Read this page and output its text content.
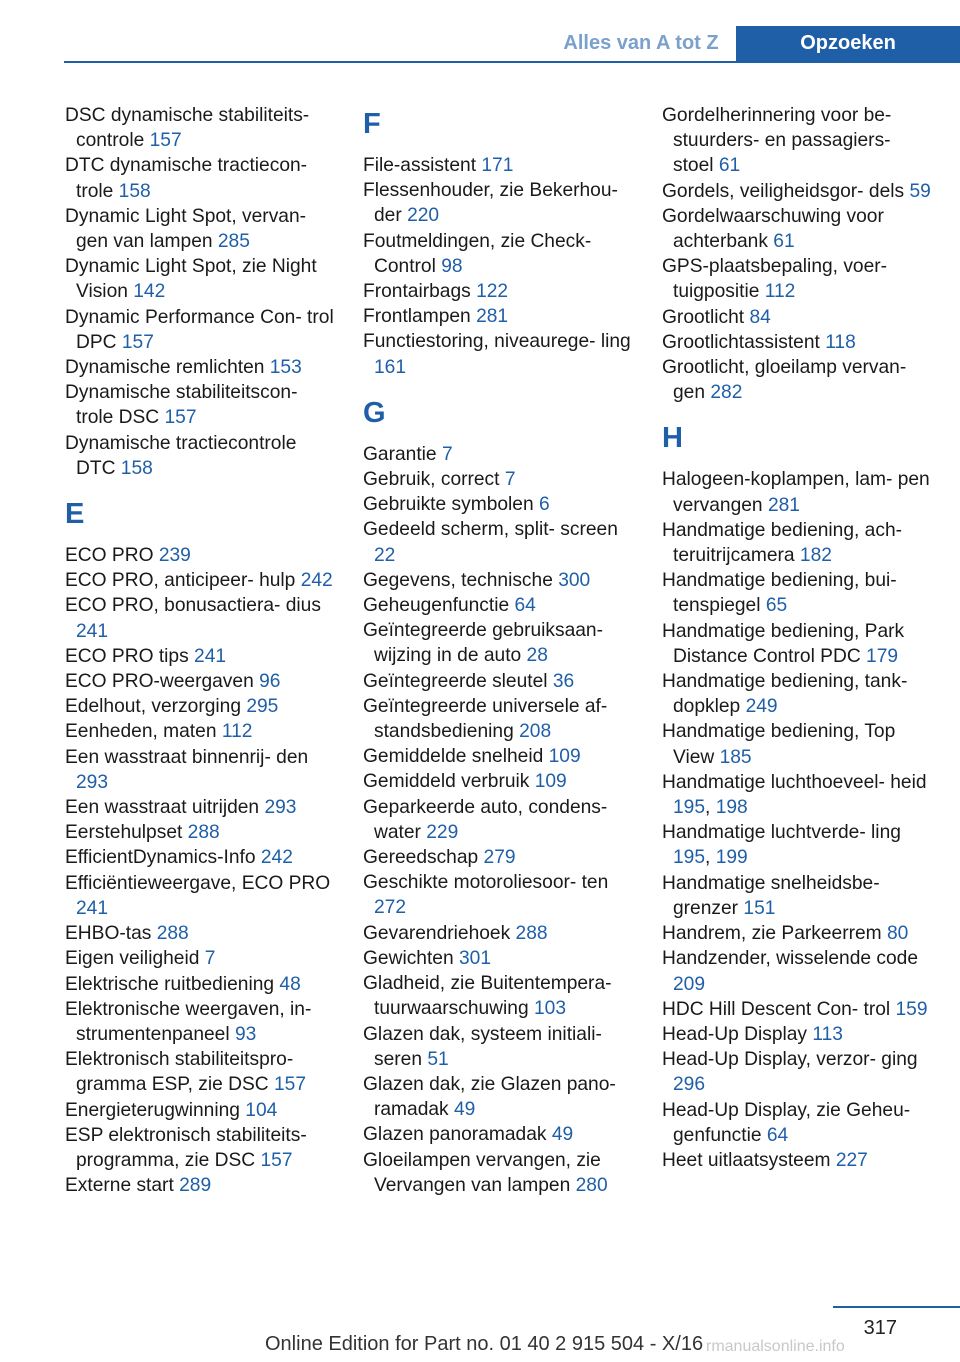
Alles van A tot Z	Opzoeken
DSC dynamische stabiliteits- controle 157
DTC dynamische tractiecon- trole 158
Dynamic Light Spot, vervan- gen van lampen 285
Dynamic Light Spot, zie Night Vision 142
Dynamic Performance Con- trol DPC 157
Dynamische remlichten 153
Dynamische stabiliteitscon- trole DSC 157
Dynamische tractiecontrole DTC 158
E
ECO PRO 239
ECO PRO, anticipeer- hulp 242
ECO PRO, bonusactiera- dius 241
ECO PRO tips 241
ECO PRO-weergaven 96
Edelhout, verzorging 295
Eenheden, maten 112
Een wasstraat binnenrij- den 293
Een wasstraat uitrijden 293
Eerstehulpset 288
EfficientDynamics-Info 242
Efficiëntieweergave, ECO PRO 241
EHBO-tas 288
Eigen veiligheid 7
Elektrische ruitbediening 48
Elektronische weergaven, in- strumentenpaneel 93
Elektronisch stabiliteitspro- gramma ESP, zie DSC 157
Energieterugwinning 104
ESP elektronisch stabiliteits- programma, zie DSC 157
Externe start 289
F
File-assistent 171
Flessenhouder, zie Bekerhou- der 220
Foutmeldingen, zie Check- Control 98
Frontairbags 122
Frontlampen 281
Functiestoring, niveaurege- ling 161
G
Garantie 7
Gebruik, correct 7
Gebruikte symbolen 6
Gedeeld scherm, split- screen 22
Gegevens, technische 300
Geheugenfunctie 64
Geïntegreerde gebruiksaan- wijzing in de auto 28
Geïntegreerde sleutel 36
Geïntegreerde universele af- standsbediening 208
Gemiddelde snelheid 109
Gemiddeld verbruik 109
Geparkeerde auto, condens- water 229
Gereedschap 279
Geschikte motoroliesoor- ten 272
Gevarendriehoek 288
Gewichten 301
Gladheid, zie Buitentempera- tuurwaarschuwing 103
Glazen dak, systeem initiali- seren 51
Glazen dak, zie Glazen pano- ramadak 49
Glazen panoramadak 49
Gloeilampen vervangen, zie Vervangen van lampen 280
Gordelherinnering voor be- stuurders- en passagiers- stoel 61
Gordels, veiligheidsgor- dels 59
Gordelwaarschuwing voor achterbank 61
GPS-plaatsbepaling, voer- tuigpositie 112
Grootlicht 84
Grootlichtassistent 118
Grootlicht, gloeilamp vervan- gen 282
H
Halogeen-koplampen, lam- pen vervangen 281
Handmatige bediening, ach- teruitrijcamera 182
Handmatige bediening, bui- tenspiegel 65
Handmatige bediening, Park Distance Control PDC 179
Handmatige bediening, tank- dopklep 249
Handmatige bediening, Top View 185
Handmatige luchthoeveel- heid 195, 198
Handmatige luchtverde- ling 195, 199
Handmatige snelheidsbe- grenzer 151
Handrem, zie Parkeerrem 80
Handzender, wisselende code 209
HDC Hill Descent Con- trol 159
Head-Up Display 113
Head-Up Display, verzor- ging 296
Head-Up Display, zie Geheu- genfunctie 64
Heet uitlaatsysteem 227
317
Online Edition for Part no. 01 40 2 915 504 - X/16 rmanualsonline.info
